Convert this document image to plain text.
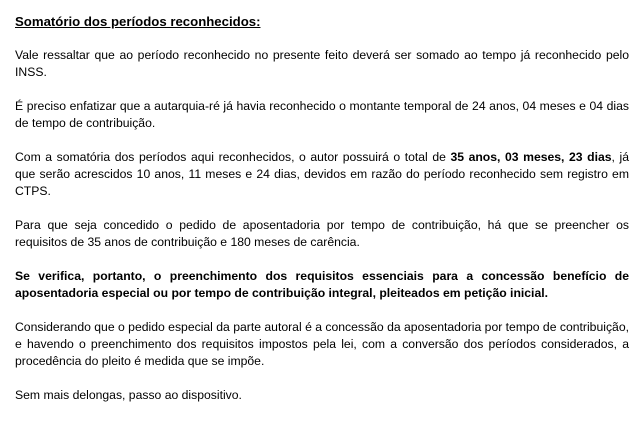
Somatório dos períodos reconhecidos:

Vale ressaltar que ao período reconhecido no presente feito deverá ser somado ao tempo já reconhecido pelo INSS.

É preciso enfatizar que a autarquia-ré já havia reconhecido o montante temporal de 24 anos, 04 meses e 04 dias de tempo de contribuição.

Com a somatória dos períodos aqui reconhecidos, o autor possuirá o total de 35 anos, 03 meses, 23 dias, já que serão acrescidos 10 anos, 11 meses e 24 dias, devidos em razão do período reconhecido sem registro em CTPS.

Para que seja concedido o pedido de aposentadoria por tempo de contribuição, há que se preencher os requisitos de 35 anos de contribuição e 180 meses de carência.

Se verifica, portanto, o preenchimento dos requisitos essenciais para a concessão benefício de aposentadoria especial ou por tempo de contribuição integral, pleiteados em petição inicial.

Considerando que o pedido especial da parte autoral é a concessão da aposentadoria por tempo de contribuição, e havendo o preenchimento dos requisitos impostos pela lei, com a conversão dos períodos considerados, a procedência do pleito é medida que se impõe.

Sem mais delongas, passo ao dispositivo.
